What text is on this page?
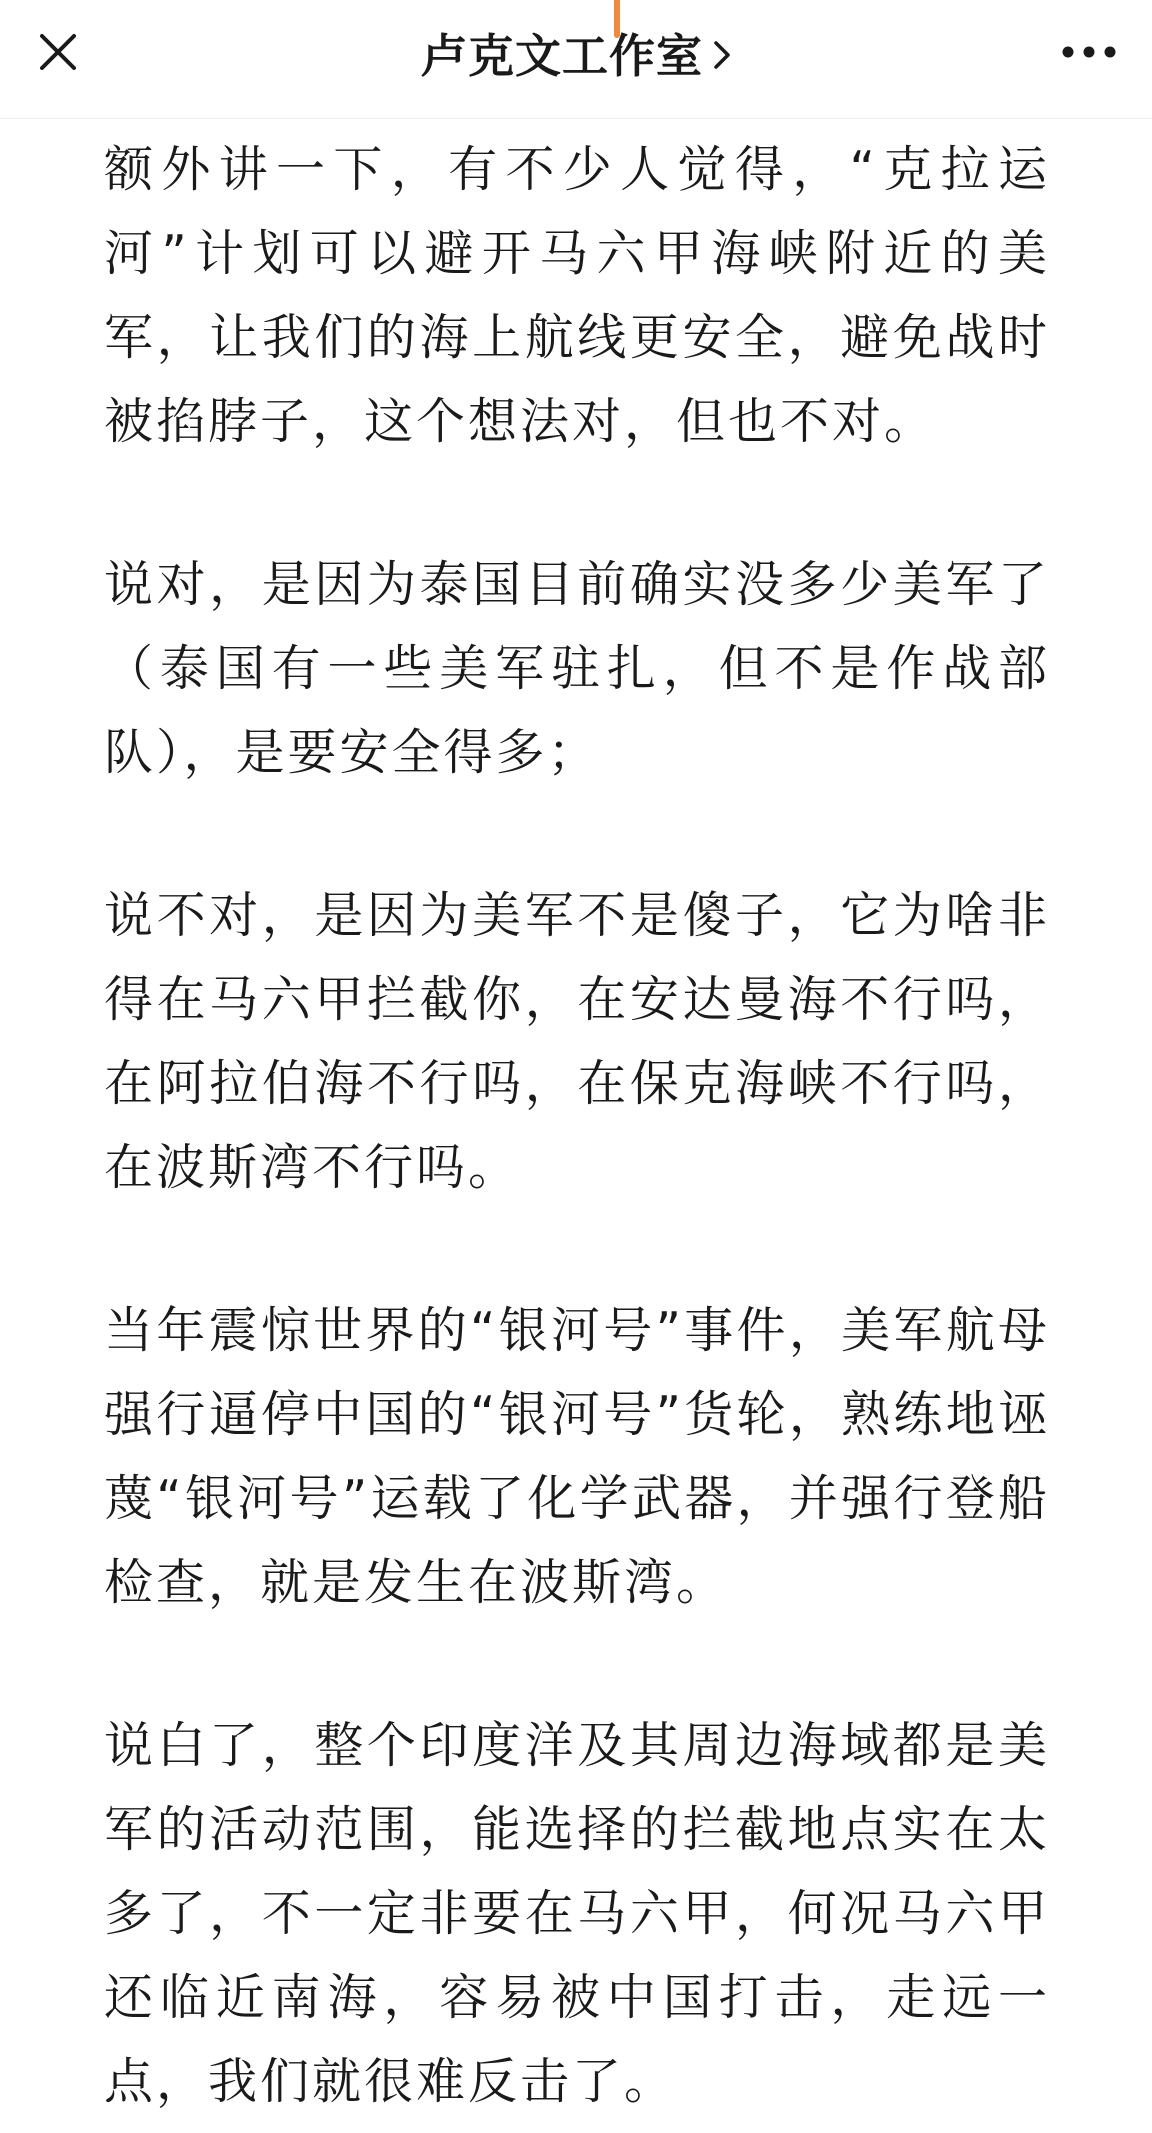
卢克文工作室

额外讲一下，有不少人觉得，“克拉运河”计划可以避开马六甲海峡附近的美军，让我们的海上航线更安全，避免战时被掐脖子，这个想法对，但也不对。

说对，是因为泰国目前确实没多少美军了（泰国有一些美军驻扎，但不是作战部队），是要安全得多；

说不对，是因为美军不是傻子，它为啥非得在马六甲拦截你，在安达曼海不行吗，在阿拉伯海不行吗，在保克海峡不行吗，在波斯湾不行吗。

当年震惊世界的“银河号”事件，美军航母强行逼停中国的“银河号”货轮，熟练地诬蔑“银河号”运载了化学武器，并强行登船检查，就是发生在波斯湾。

说白了，整个印度洋及其周边海域都是美军的活动范围，能选择的拦截地点实在太多了，不一定非要在马六甲，何况马六甲还临近南海，容易被中国打击，走远一点，我们就很难反击了。
